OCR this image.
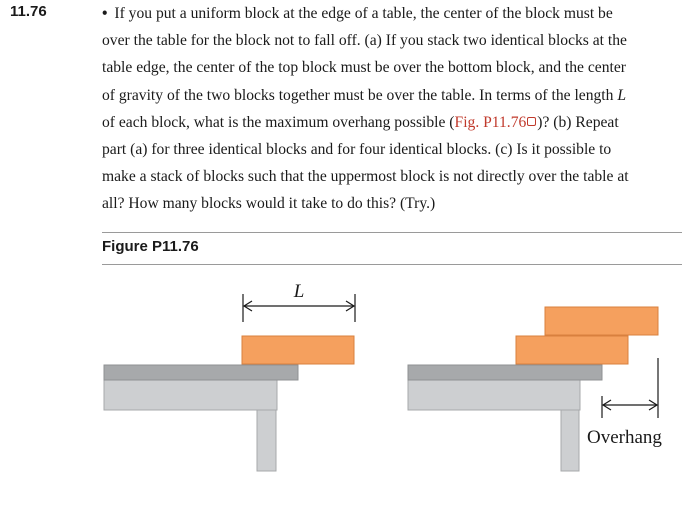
11.76	• If you put a uniform block at the edge of a table, the center of the block must be
over the table for the block not to fall off. (a) If you stack two identical blocks at the
table edge, the center of the top block must be over the bottom block, and the center
of gravity of the two blocks together must be over the table. In terms of the length L
of each block, what is the maximum overhang possible (Fig. P11.76 )? (b) Repeat
part (a) for three identical blocks and for four identical blocks. (c) Is it possible to
make a stack of blocks such that the uppermost block is not directly over the table at
all? How many blocks would it take to do this? (Try.)
Figure P11.76
L
Overhang
